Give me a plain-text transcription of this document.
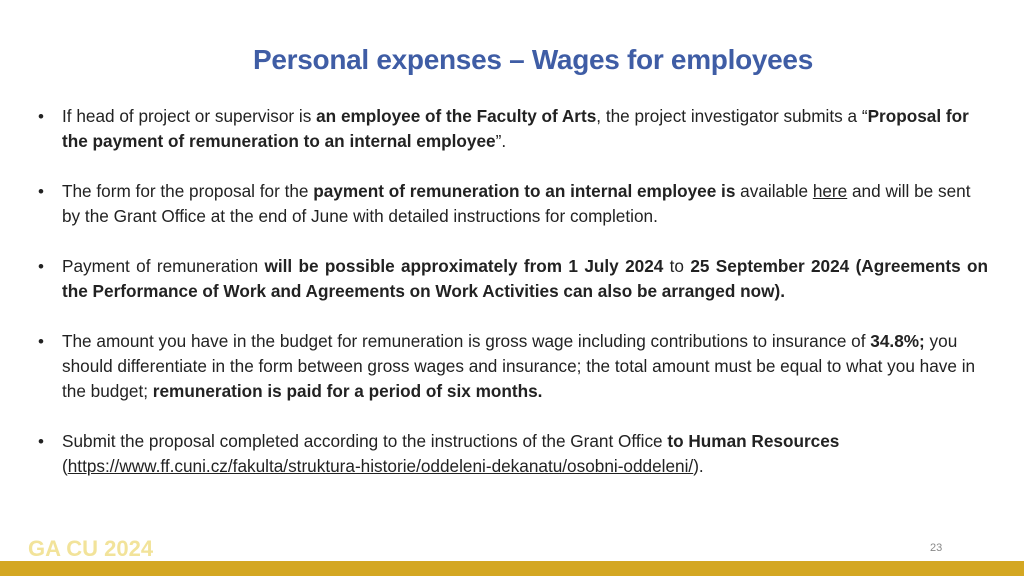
Personal expenses – Wages for employees
• If head of project or supervisor is an employee of the Faculty of Arts, the project investigator submits a “Proposal for the payment of remuneration to an internal employee”.
• The form for the proposal for the payment of remuneration to an internal employee is available here and will be sent by the Grant Office at the end of June with detailed instructions for completion.
• Payment of remuneration will be possible approximately from 1 July 2024 to 25 September 2024 (Agreements on the Performance of Work and Agreements on Work Activities can also be arranged now).
• The amount you have in the budget for remuneration is gross wage including contributions to insurance of 34.8%; you should differentiate in the form between gross wages and insurance; the total amount must be equal to what you have in the budget; remuneration is paid for a period of six months.
• Submit the proposal completed according to the instructions of the Grant Office to Human Resources (https://www.ff.cuni.cz/fakulta/struktura-historie/oddeleni-dekanatu/osobni-oddeleni/).
GA CU 2024	23
